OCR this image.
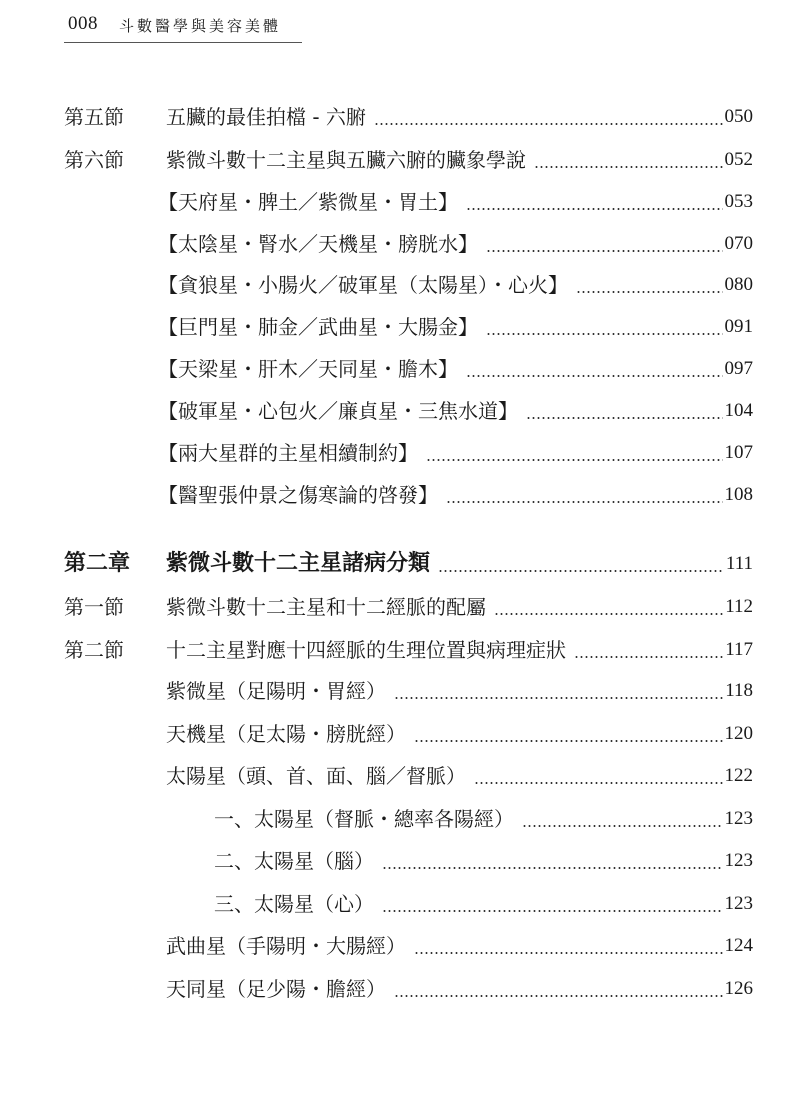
008 斗數醫學與美容美體
第五節	五臟的最佳拍檔 - 六腑	050
第六節	紫微斗數十二主星與五臟六腑的臟象學說	052
【天府星・脾土／紫微星・胃土】	053
【太陰星・腎水／天機星・膀胱水】	070
【貪狼星・小腸火／破軍星（太陽星）・心火】	080
【巨門星・肺金／武曲星・大腸金】	091
【天梁星・肝木／天同星・膽木】	097
【破軍星・心包火／廉貞星・三焦水道】	104
【兩大星群的主星相續制約】	107
【醫聖張仲景之傷寒論的啓發】	108
第二章	紫微斗數十二主星諸病分類	111
第一節	紫微斗數十二主星和十二經脈的配屬	112
第二節	十二主星對應十四經脈的生理位置與病理症狀	117
紫微星（足陽明・胃經）	118
天機星（足太陽・膀胱經）	120
太陽星（頭、首、面、腦／督脈）	122
一、太陽星（督脈・總率各陽經）	123
二、太陽星（腦）	123
三、太陽星（心）	123
武曲星（手陽明・大腸經）	124
天同星（足少陽・膽經）	126
